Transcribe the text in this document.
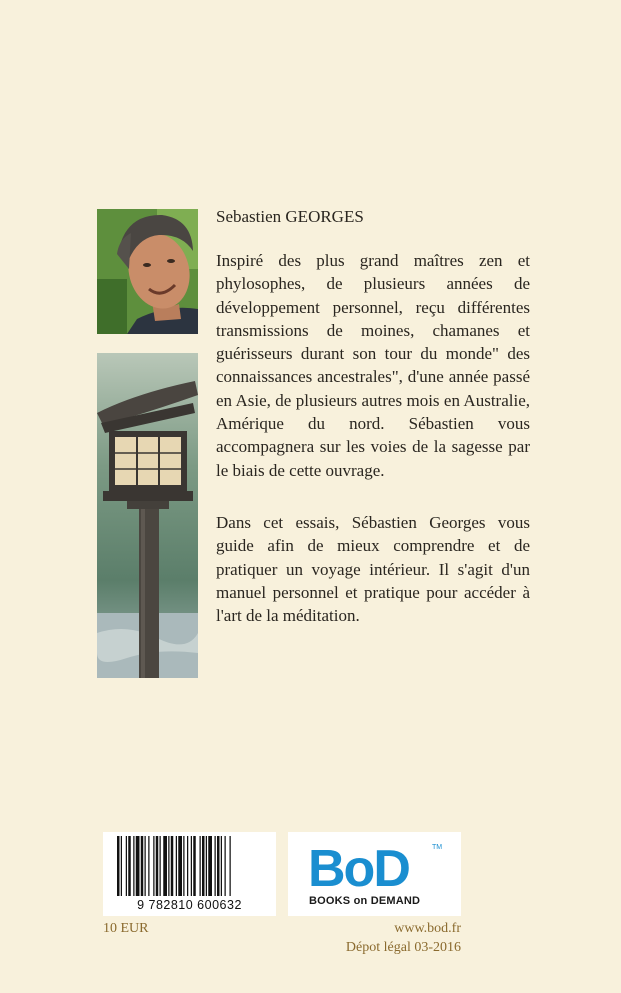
Sebastien GEORGES

Inspiré des plus grand maîtres zen et phylosophes, de plusieurs années de développement personnel, reçu différentes transmissions de moines, chamanes et guérisseurs durant son tour du monde" des connaissances ancestrales", d'une année passé en Asie, de plusieurs autres mois en Australie, Amérique du nord. Sébastien vous accompagnera sur les voies de la sagesse par le biais de cette ouvrage.

Dans cet essais, Sébastien Georges vous guide afin de mieux comprendre et de pratiquer un voyage intérieur. Il s'agit d'un manuel personnel et pratique pour accéder à l'art de la méditation.

9 782810 600632

BoD	TM

BOOKS on DEMAND

10 EUR	www.bod.fr

Dépot légal 03-2016
